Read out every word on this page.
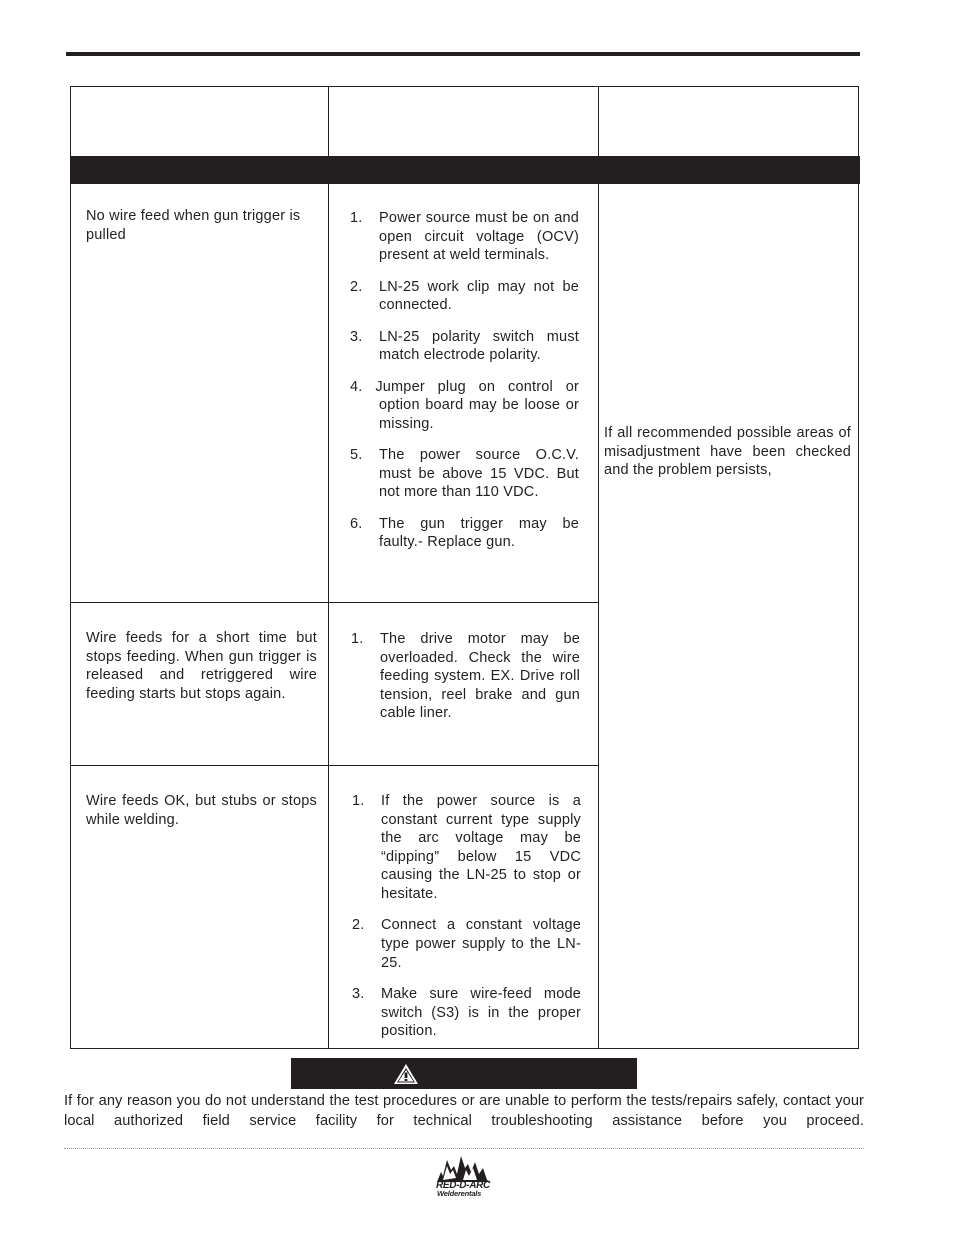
No wire feed when gun trigger is pulled
1. Power source must be on and open circuit voltage (OCV) present at weld terminals.
2. LN-25 work clip may not be connected.
3. LN-25 polarity switch must match electrode polarity.
4. Jumper plug on control or option board may be loose or missing.
5. The power source O.C.V. must be above 15 VDC. But not more than 110 VDC.
6. The gun trigger may be faulty.- Replace gun.
Wire feeds for a short time but stops feeding. When gun trigger is released and retriggered wire feeding starts but stops again.
1. The drive motor may be overloaded. Check the wire feeding system. EX. Drive roll tension, reel brake and gun cable liner.
Wire feeds OK, but stubs or stops while welding.
1. If the power source is a constant current type supply the arc voltage may be “dipping” below 15 VDC causing the LN-25 to stop or hesitate.
2. Connect a constant voltage type power supply to the LN-25.
3. Make sure wire-feed mode switch (S3) is in the proper position.
If all recommended possible areas of misadjustment have been checked and the problem persists,
If for any reason you do not understand the test procedures or are unable to perform the tests/repairs safely, contact your local authorized field service facility for technical troubleshooting assistance before you proceed.
RED-D-ARC
Welderentals
